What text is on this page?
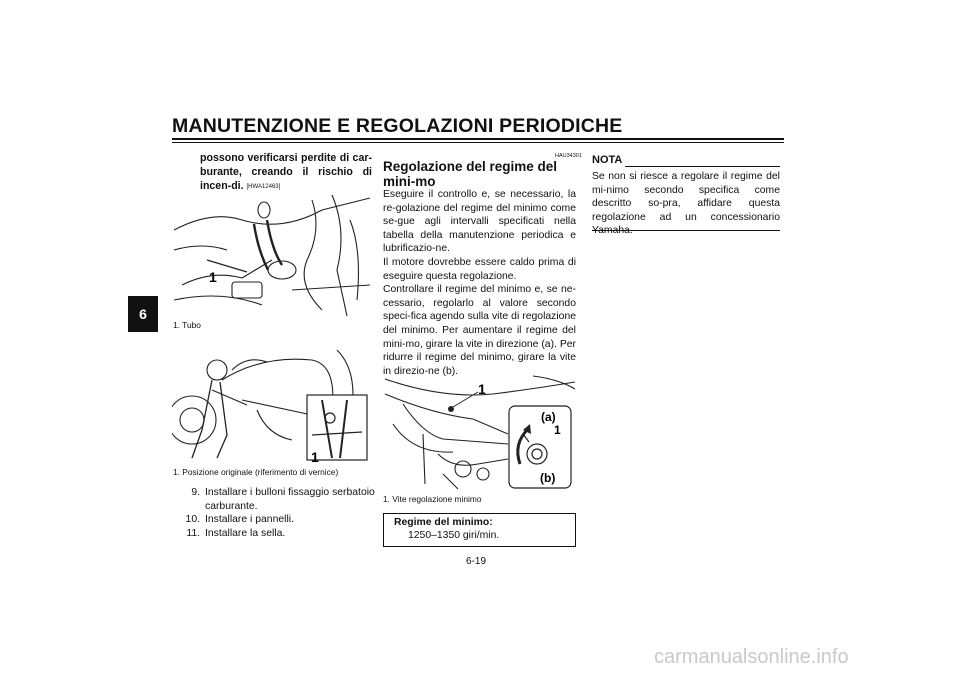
MANUTENZIONE E REGOLAZIONI PERIODICHE
6
possono verificarsi perdite di car-burante, creando il rischio di incen-di. [HWA12463]
1
1. Tubo
1
1. Posizione originale (riferimento di vernice)
9. Installare i bulloni fissaggio serbatoio carburante.
10. Installare i pannelli.
11. Installare la sella.
HAU34301
Regolazione del regime del mini-mo

Eseguire il controllo e, se necessario, la re-golazione del regime del minimo come se-gue agli intervalli specificati nella tabella della manutenzione periodica e lubrificazio-ne.

Il motore dovrebbe essere caldo prima di eseguire questa regolazione.

Controllare il regime del minimo e, se ne-cessario, regolarlo al valore secondo speci-fica agendo sulla vite di regolazione del minimo. Per aumentare il regime del mini-mo, girare la vite in direzione (a). Per ridurre il regime del minimo, girare la vite in direzio-ne (b).

1
(a)
1
(b)
1. Vite regolazione minimo
Regime del minimo:
1250–1350 giri/min.
NOTA
Se non si riesce a regolare il regime del mi-nimo secondo specifica come descritto so-pra, affidare questa regolazione ad un concessionario
6-19
carmanualsonline.info
